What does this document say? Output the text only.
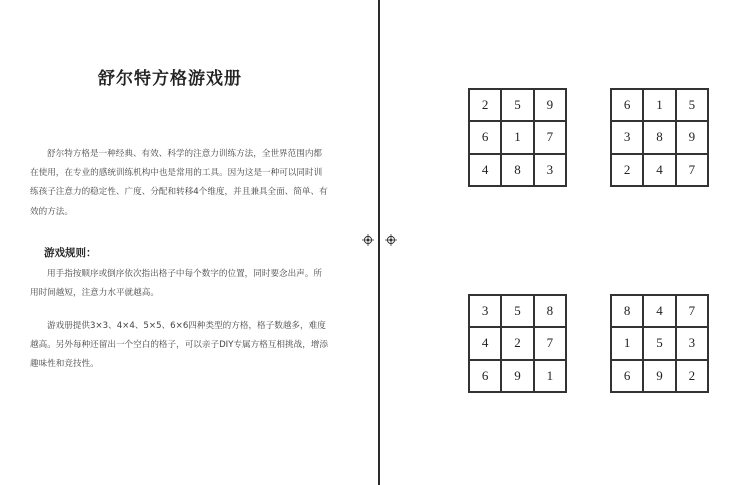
舒尔特方格游戏册

舒尔特方格是一种经典、有效、科学的注意力训练方法，全世界范围内都在使用，在专业的感统训练机构中也是常用的工具。因为这是一种可以同时训练孩子注意力的稳定性、广度、分配和转移4个维度，并且兼具全面、简单、有效的方法。

游戏规则：

用手指按顺序或倒序依次指出格子中每个数字的位置，同时要念出声。所用时间越短，注意力水平就越高。

游戏册提供3×3、4×4、5×5、6×6四种类型的方格，格子数越多，难度越高。另外每种还留出一个空白的格子，可以亲子DIY专属方格互相挑战，增添趣味性和竞技性。

2	5	9
6	1	7
4	8	3
6	1	5
3	8	9
2	4	7
3	5	8
4	2	7
6	9	1
8	4	7
1	5	3
6	9	2
